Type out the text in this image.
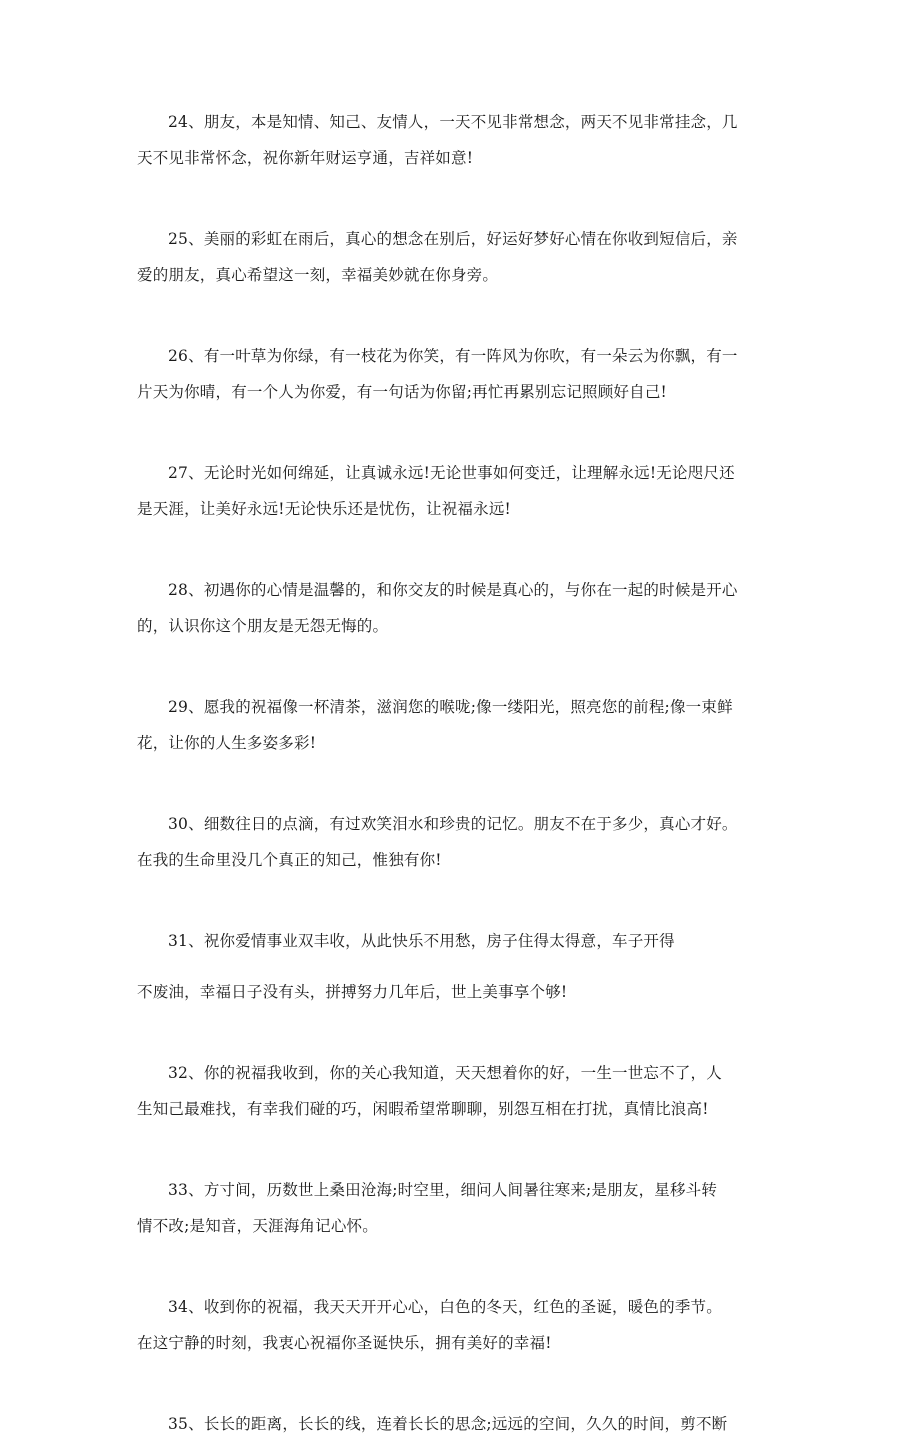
24、朋友，本是知情、知己、友情人，一天不见非常想念，两天不见非常挂念，几
天不见非常怀念，祝你新年财运亨通，吉祥如意!

25、美丽的彩虹在雨后，真心的想念在别后，好运好梦好心情在你收到短信后，亲
爱的朋友，真心希望这一刻，幸福美妙就在你身旁。

26、有一叶草为你绿，有一枝花为你笑，有一阵风为你吹，有一朵云为你飘，有一
片天为你晴，有一个人为你爱，有一句话为你留;再忙再累别忘记照顾好自己!

27、无论时光如何绵延，让真诚永远!无论世事如何变迁，让理解永远!无论咫尺还
是天涯，让美好永远!无论快乐还是忧伤，让祝福永远!

28、初遇你的心情是温馨的，和你交友的时候是真心的，与你在一起的时候是开心
的，认识你这个朋友是无怨无悔的。

29、愿我的祝福像一杯清茶，滋润您的喉咙;像一缕阳光，照亮您的前程;像一束鲜
花，让你的人生多姿多彩!

30、细数往日的点滴，有过欢笑泪水和珍贵的记忆。朋友不在于多少，真心才好。
在我的生命里没几个真正的知己，惟独有你!

31、祝你爱情事业双丰收，从此快乐不用愁，房子住得太得意，车子开得
不废油，幸福日子没有头，拼搏努力几年后，世上美事享个够!

32、你的祝福我收到，你的关心我知道，天天想着你的好，一生一世忘不了，人
生知己最难找，有幸我们碰的巧，闲暇希望常聊聊，别怨互相在打扰，真情比浪高!

33、方寸间，历数世上桑田沧海;时空里，细问人间暑往寒来;是朋友，星移斗转
情不改;是知音，天涯海角记心怀。

34、收到你的祝福，我天天开开心心，白色的冬天，红色的圣诞，暖色的季节。
在这宁静的时刻，我衷心祝福你圣诞快乐，拥有美好的幸福!

35、长长的距离，长长的线，连着长长的思念;远远的空间，久久的时间，剪不断
